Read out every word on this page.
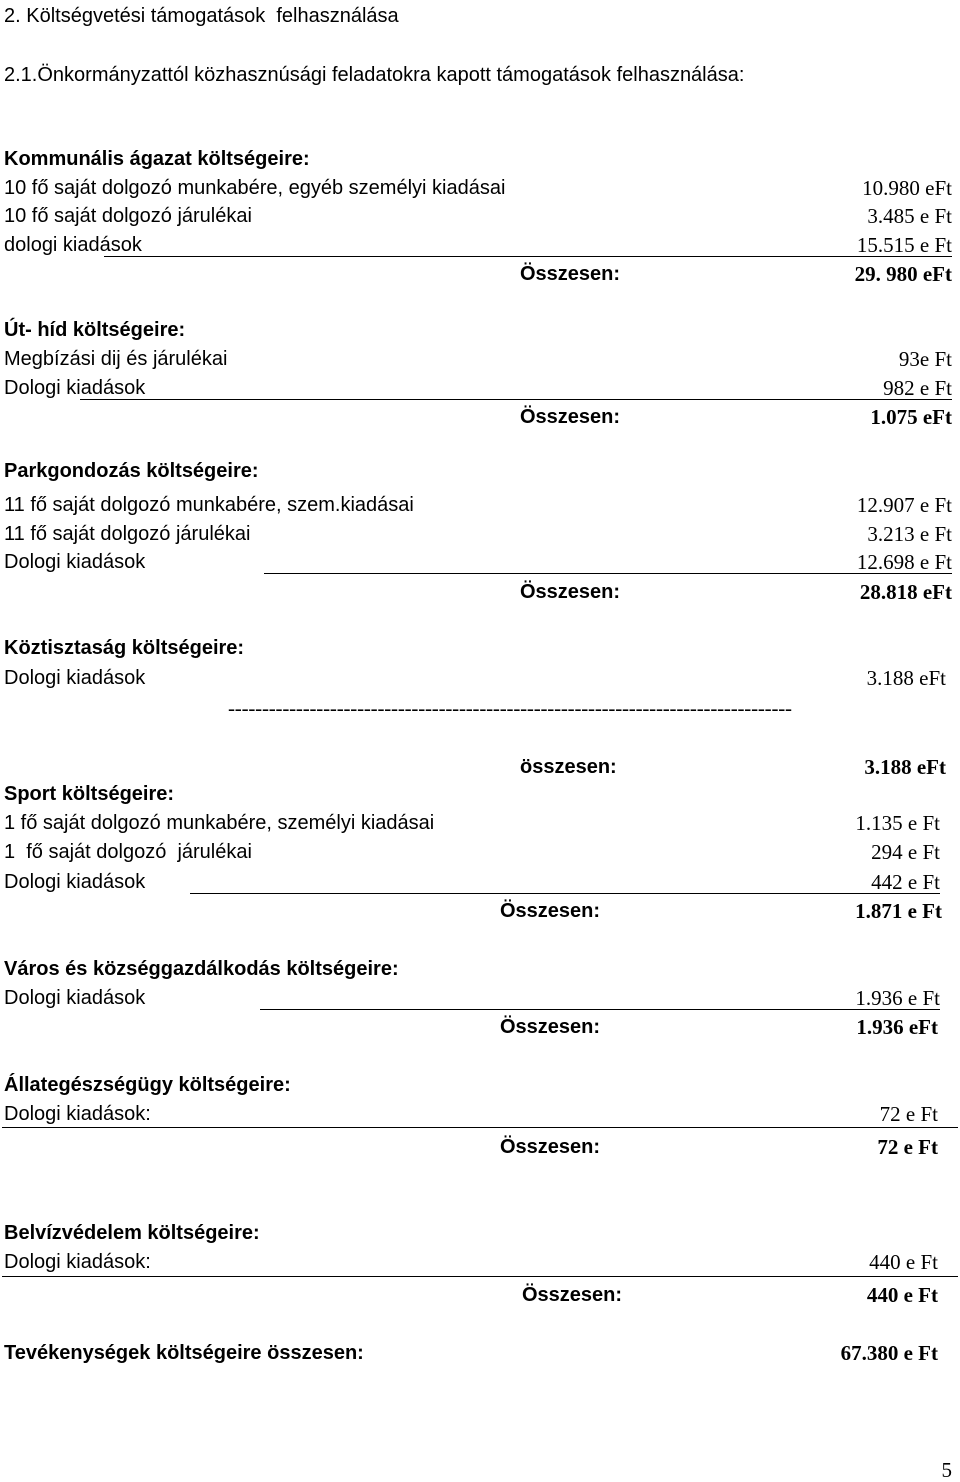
2. Költségvetési támogatások  felhasználása
2.1.Önkormányzattól közhasznúsági feladatokra kapott támogatások felhasználása:
Kommunális ágazat költségeire:
10 fő saját dolgozó munkabére, egyéb személyi kiadásai	10.980 eFt
10 fő saját dolgozó járulékai	3.485 e Ft
dologi kiadások	15.515 e Ft
Összesen:	29. 980 eFt
Út- híd költségeire:
Megbízási dij és járulékai	93e Ft
Dologi kiadások	982 e Ft
Összesen:	1.075 eFt
Parkgondozás költségeire:
11 fő saját dolgozó munkabére, szem.kiadásai	12.907 e Ft
11 fő saját dolgozó járulékai	3.213 e Ft
Dologi kiadások	12.698 e Ft
Összesen:	28.818 eFt
Köztisztaság költségeire:
Dologi kiadások	3.188 eFt
-----------------------------------------------------------------------------------
összesen:	3.188 eFt
Sport költségeire:
1 fő saját dolgozó munkabére, személyi kiadásai	1.135 e Ft
1  fő saját dolgozó  járulékai	294 e Ft
Dologi kiadások	442 e Ft
Összesen:	1.871 e Ft
Város és községgazdálkodás költségeire:
Dologi kiadások	1.936 e Ft
Összesen:	1.936 eFt
Állategészségügy költségeire:
Dologi kiadások:	72 e Ft
Összesen:	72 e Ft
Belvízvédelem költségeire:
Dologi kiadások:	440 e Ft
Összesen:	440 e Ft
Tevékenységek költségeire összesen:	67.380 e Ft
5
